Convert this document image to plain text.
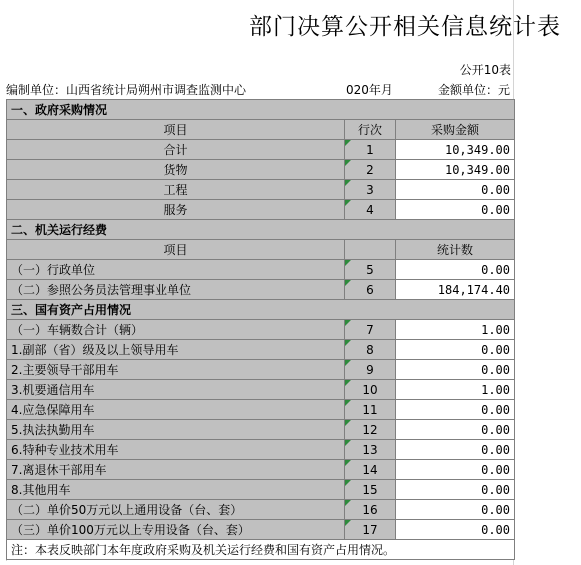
部门决算公开相关信息统计表
公开10表
编制单位：山西省统计局朔州市调查监测中心	020年月	金额单位：元
一、政府采购情况		
项目	行次	采购金额
合计	1	10,349.00
货物	2	10,349.00
工程	3	0.00
服务	4	0.00
二、机关运行经费		
项目		统计数
（一）行政单位	5	0.00
（二）参照公务员法管理事业单位	6	184,174.40
三、国有资产占用情况		
（一）车辆数合计（辆）	7	1.00
1.副部（省）级及以上领导用车	8	0.00
2.主要领导干部用车	9	0.00
3.机要通信用车	10	1.00
4.应急保障用车	11	0.00
5.执法执勤用车	12	0.00
6.特种专业技术用车	13	0.00
7.离退休干部用车	14	0.00
8.其他用车	15	0.00
（二）单价50万元以上通用设备（台、套）	16	0.00
（三）单价100万元以上专用设备（台、套）	17	0.00
注：本表反映部门本年度政府采购及机关运行经费和国有资产占用情况。		
